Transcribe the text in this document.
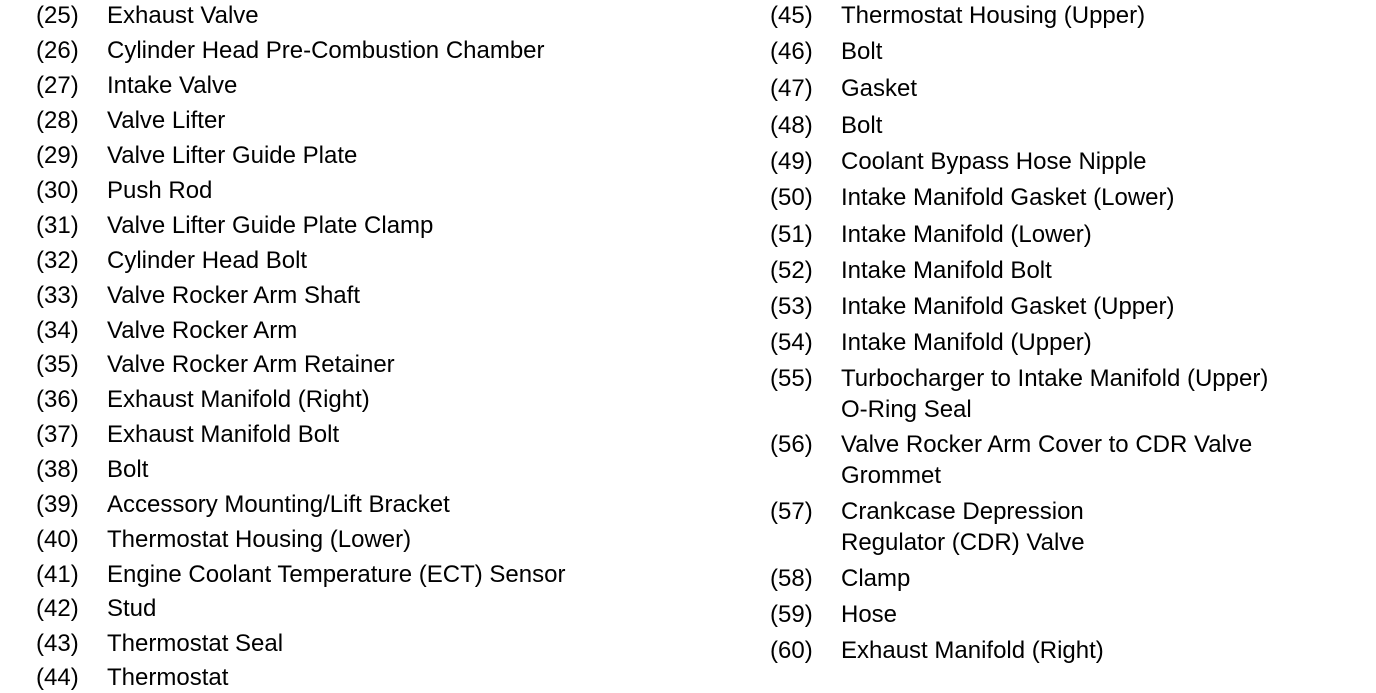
(25) Exhaust Valve
(26) Cylinder Head Pre-Combustion Chamber
(27) Intake Valve
(28) Valve Lifter
(29) Valve Lifter Guide Plate
(30) Push Rod
(31) Valve Lifter Guide Plate Clamp
(32) Cylinder Head Bolt
(33) Valve Rocker Arm Shaft
(34) Valve Rocker Arm
(35) Valve Rocker Arm Retainer
(36) Exhaust Manifold (Right)
(37) Exhaust Manifold Bolt
(38) Bolt
(39) Accessory Mounting/Lift Bracket
(40) Thermostat Housing (Lower)
(41) Engine Coolant Temperature (ECT) Sensor
(42) Stud
(43) Thermostat Seal
(44) Thermostat
(45) Thermostat Housing (Upper)
(46) Bolt
(47) Gasket
(48) Bolt
(49) Coolant Bypass Hose Nipple
(50) Intake Manifold Gasket (Lower)
(51) Intake Manifold (Lower)
(52) Intake Manifold Bolt
(53) Intake Manifold Gasket (Upper)
(54) Intake Manifold (Upper)
(55) Turbocharger to Intake Manifold (Upper)
O-Ring Seal
(56) Valve Rocker Arm Cover to CDR Valve
Grommet
(57) Crankcase Depression
Regulator (CDR) Valve
(58) Clamp
(59) Hose
(60) Exhaust Manifold (Right)
